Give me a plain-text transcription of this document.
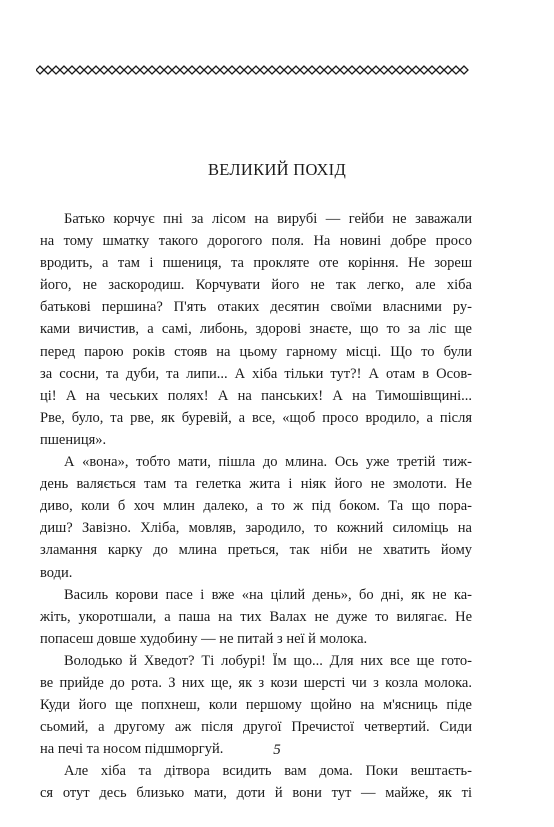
ВЕЛИКИЙ ПОХІД
Батько корчує пні за лісом на вирубі — гейби не заважали
на тому шматку такого дорогого поля. На новині добре просо
вродить, а там і пшениця, та прокляте оте коріння. Не зореш
його, не заскородиш. Корчувати його не так легко, але хіба
батькові першина? П'ять отаких десятин своїми власними ру-
ками вичистив, а самі, либонь, здорові знаєте, що то за ліс ще
перед парою років стояв на цьому гарному місці. Що то були
за сосни, та дуби, та липи... А хіба тільки тут?! А отам в Осов-
ці! А на чеських полях! А на панських! А на Тимошівщині...
Рве, було, та рве, як буревій, а все, «щоб просо вродило, а після
пшениця».
А «вона», тобто мати, пішла до млина. Ось уже третій тиж-
день валяється там та гелетка жита і ніяк його не змолоти. Не
диво, коли б хоч млин далеко, а то ж під боком. Та що пора-
диш? Завізно. Хліба, мовляв, зародило, то кожний силоміць на
зламання карку до млина преться, так ніби не хватить йому
води.
Василь корови пасе і вже «на цілий день», бо дні, як не ка-
жіть, укоротшали, а паша на тих Валах не дуже то вилягає. Не
попасеш довше худобину — не питай з неї й молока.
Володько й Хведот? Ті лобурі! Їм що... Для них все ще гото-
ве прийде до рота. З них ще, як з кози шерсті чи з козла молока.
Куди його ще попхнеш, коли першому щойно на м'ясниць піде
сьомий, а другому аж після другої Пречистої четвертий. Сиди
на печі та носом підшморгуй.
Але хіба та дітвора всидить вам дома. Поки вештаєть-
ся отут десь близько мати, доти й вони тут — майже, як ті
5
